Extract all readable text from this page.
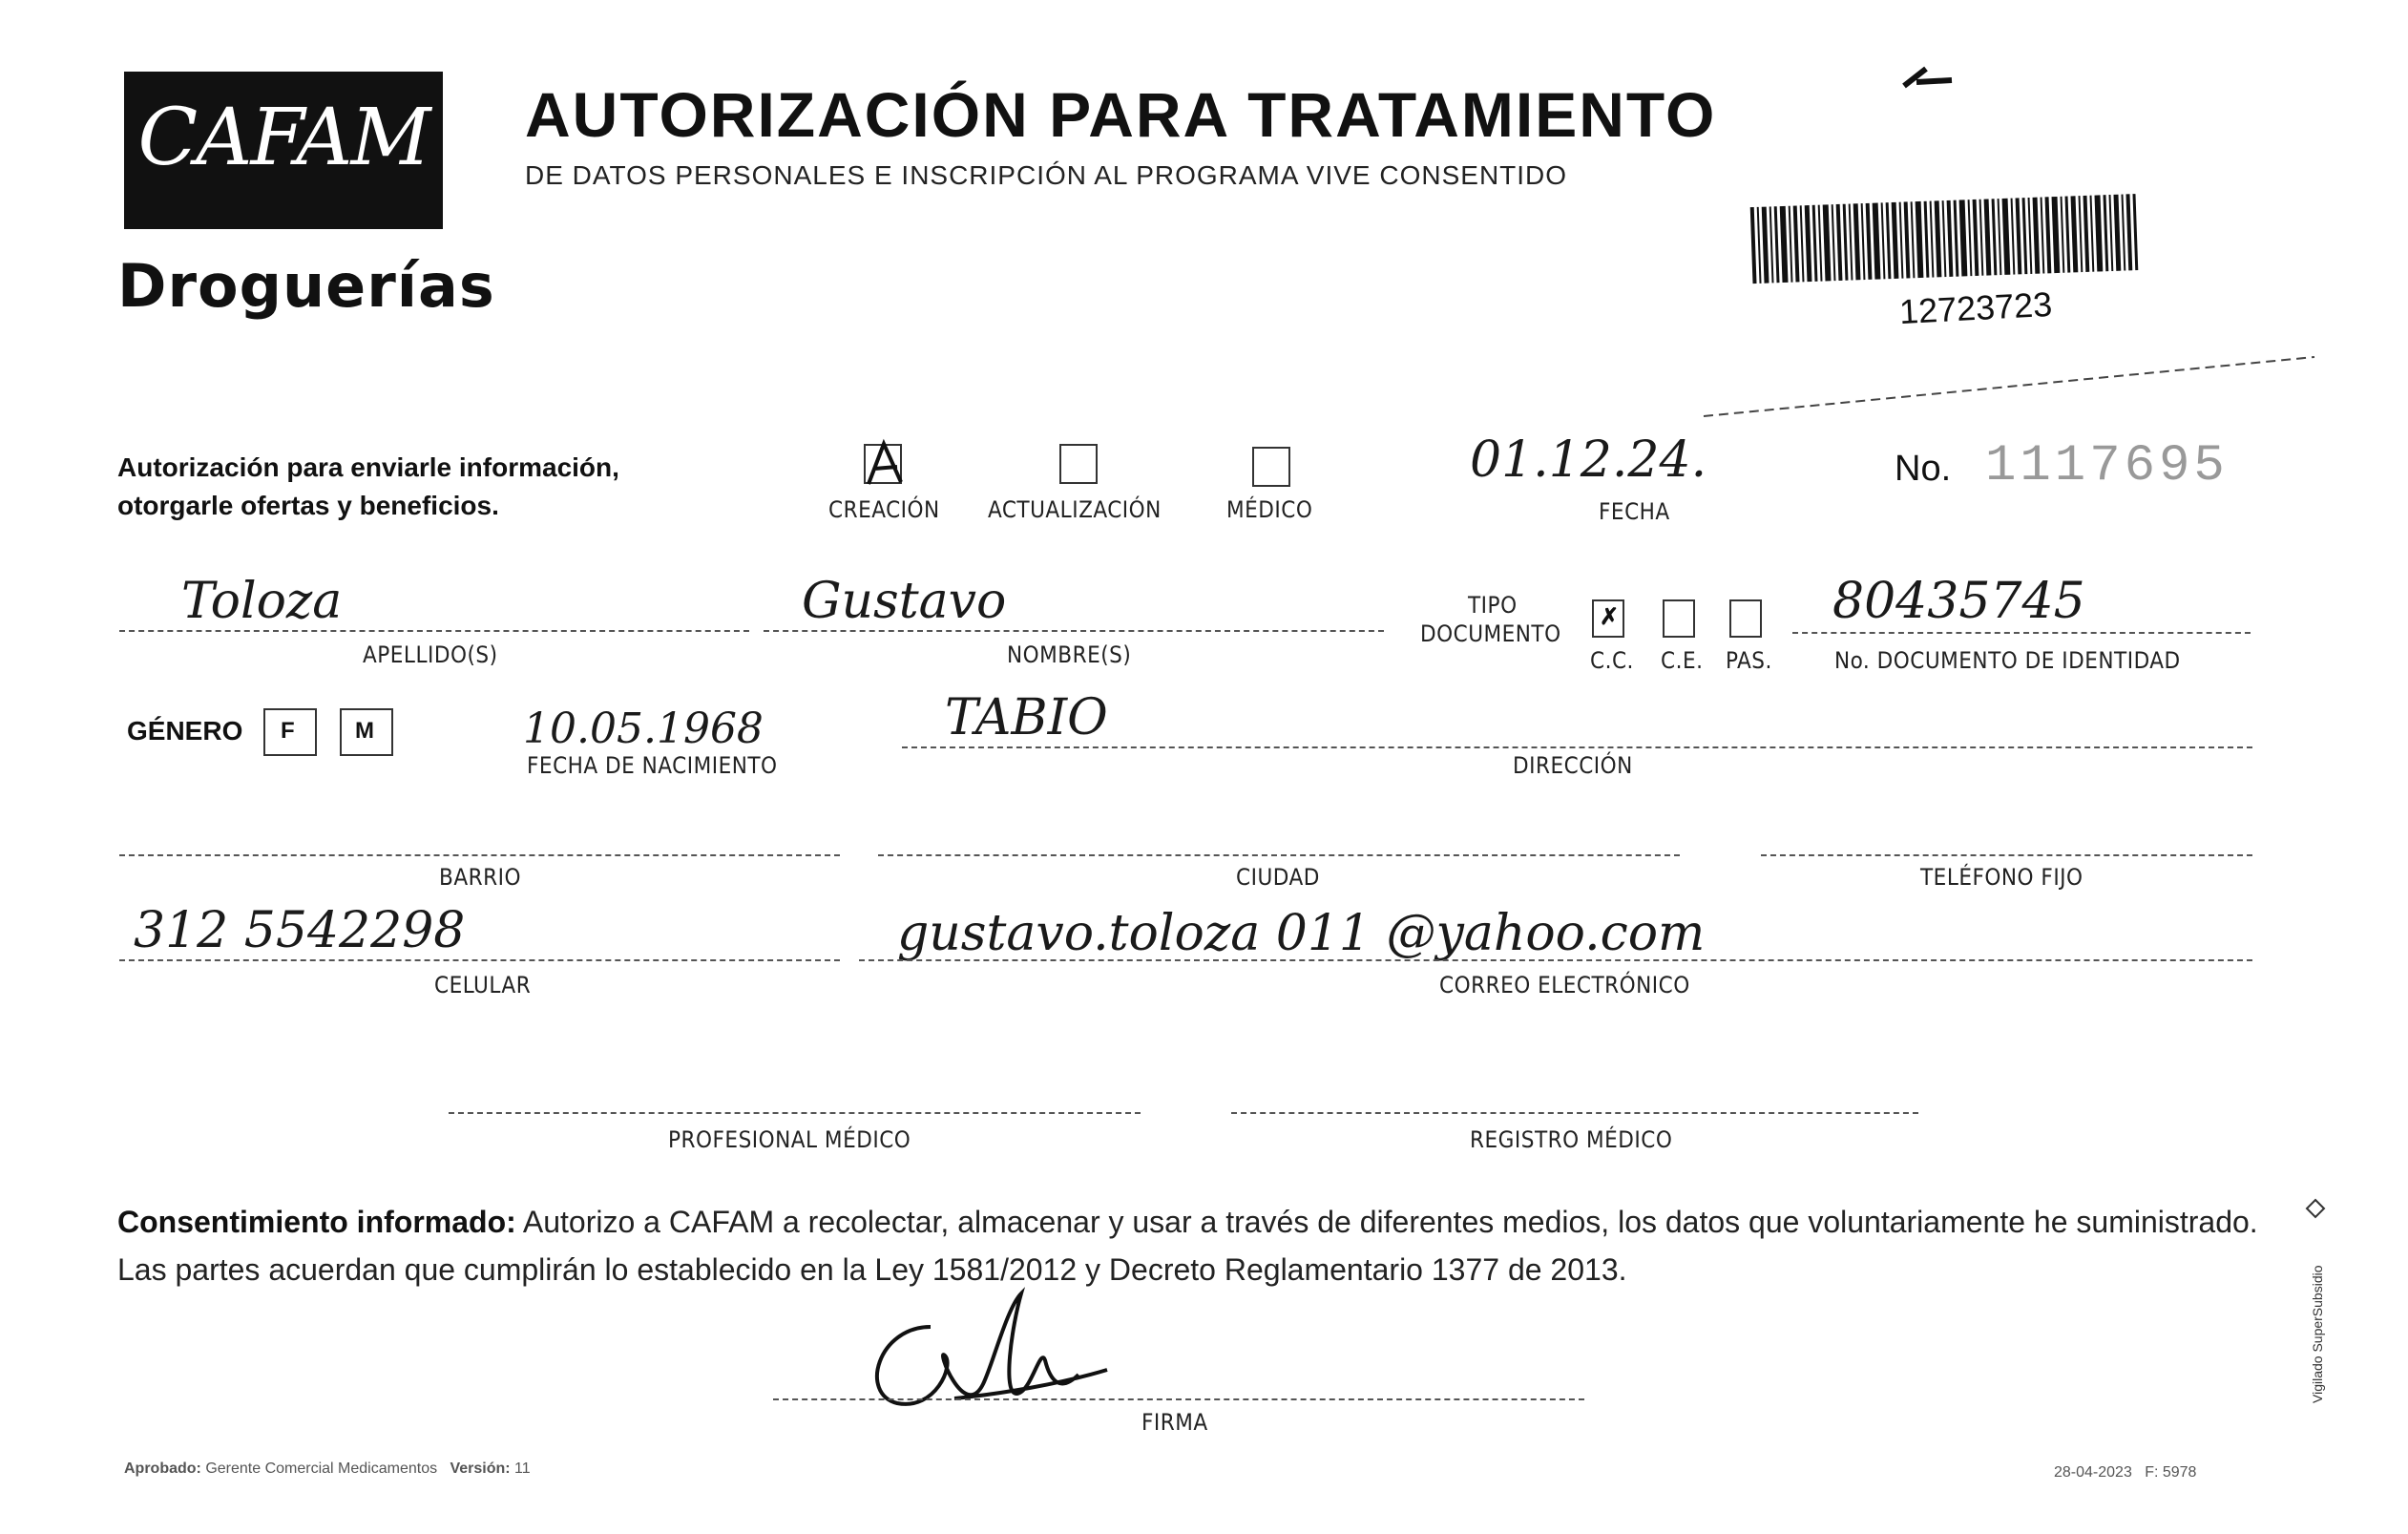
CAFAM
Droguerías
AUTORIZACIÓN PARA TRATAMIENTO
DE DATOS PERSONALES E INSCRIPCIÓN AL PROGRAMA VIVE CONSENTIDO
12723723
Autorización para enviarle información,
otorgarle ofertas y beneficios.	CREACIÓN ACTUALIZACIÓN	MÉDICO
01.12.24.
FECHA
No. 1117695
Toloza
APELLIDO(S)
Gustavo
NOMBRE(S)
TIPO
DOCUMENTO
✗
C.C. C.E. PAS.
80435745
No. DOCUMENTO DE IDENTIDAD
GÉNERO F	M	10.05.1968
FECHA DE NACIMIENTO
TABIO
DIRECCIÓN
BARRIO	CIUDAD	TELÉFONO FIJO
312 5542298
CELULAR
gustavo.toloza 011 @yahoo.com
CORREO ELECTRÓNICO
PROFESIONAL MÉDICO	REGISTRO MÉDICO
Consentimiento informado: Autorizo a CAFAM a recolectar, almacenar y usar a través de diferentes medios, los datos que voluntariamente he suministrado. Las partes acuerdan que cumplirán lo establecido en la Ley 1581/2012 y Decreto Reglamentario 1377 de 2013.
FIRMA
Aprobado: Gerente Comercial Medicamentos Versión: 11	28-04-2023 F: 5978
Vigilado SuperSubsidio
